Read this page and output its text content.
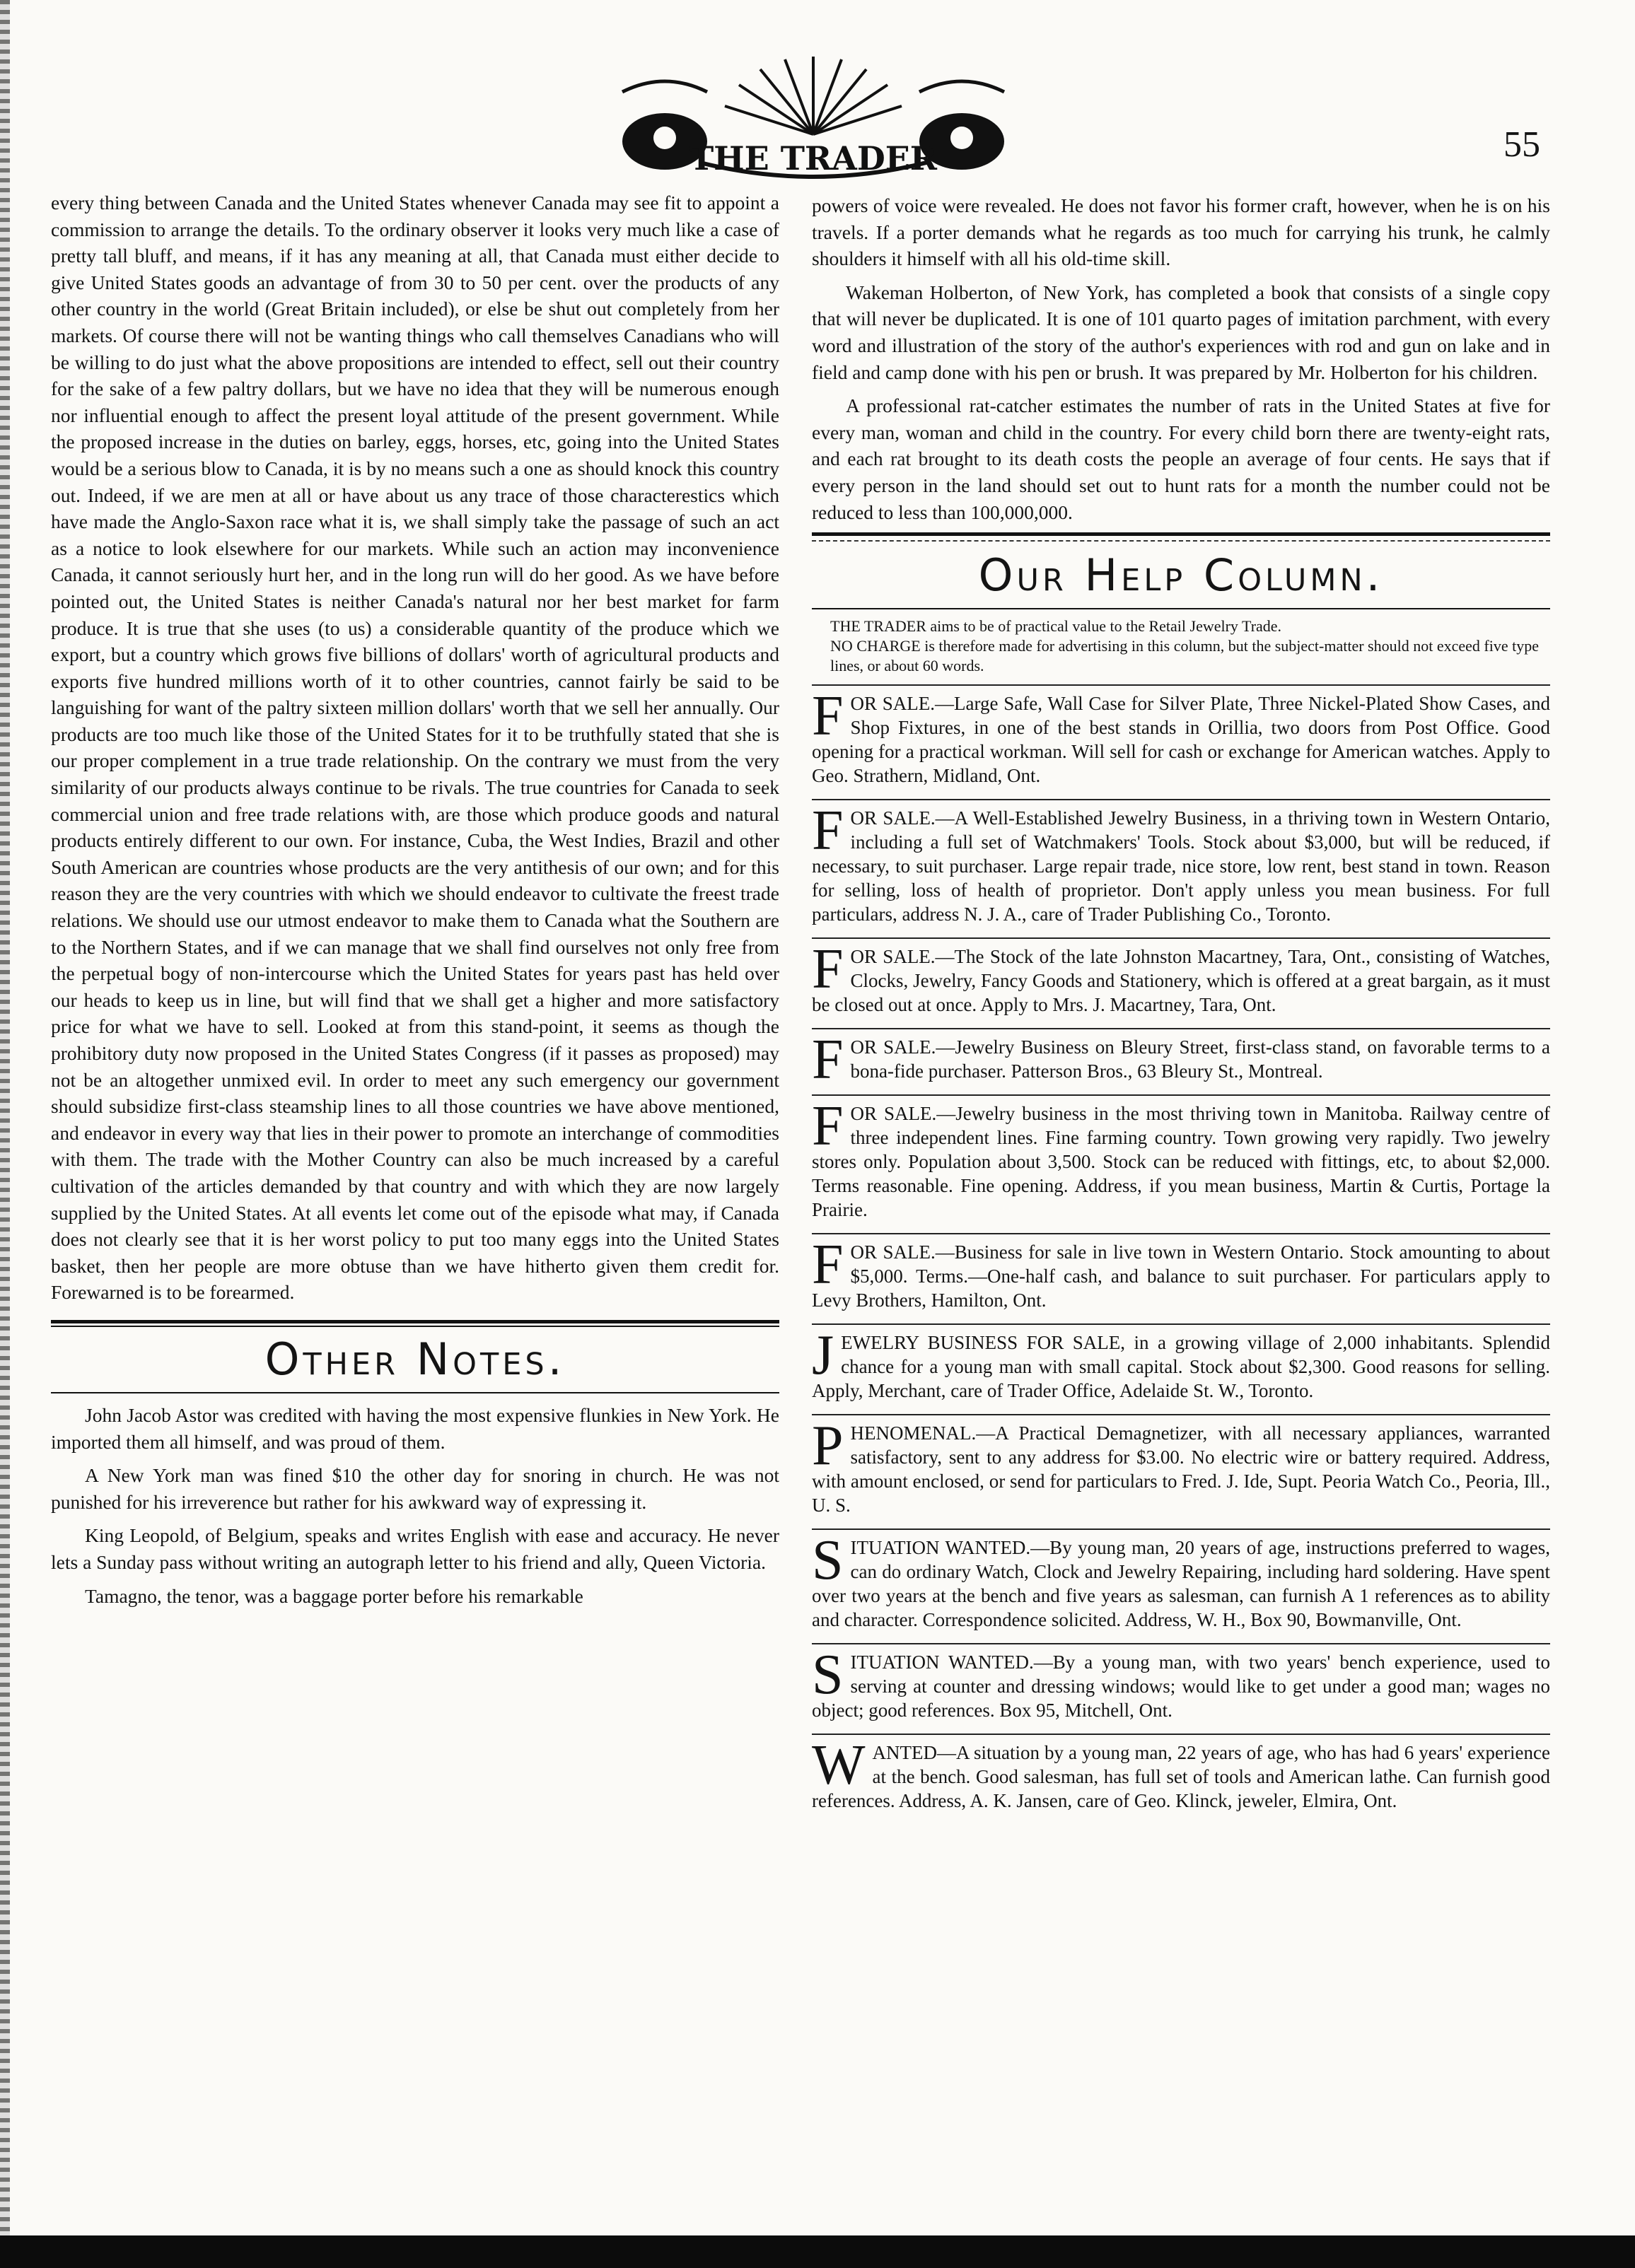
THE TRADER	55

every thing between Canada and the United States whenever Canada may see fit to appoint a commission to arrange the details. To the ordinary observer it looks very much like a case of pretty tall bluff, and means, if it has any meaning at all, that Canada must either decide to give United States goods an advantage of from 30 to 50 per cent. over the products of any other country in the world (Great Britain included), or else be shut out completely from her markets. Of course there will not be wanting things who call themselves Canadians who will be willing to do just what the above propositions are intended to effect, sell out their country for the sake of a few paltry dollars, but we have no idea that they will be numerous enough nor influential enough to affect the present loyal attitude of the present government. While the proposed increase in the duties on barley, eggs, horses, etc, going into the United States would be a serious blow to Canada, it is by no means such a one as should knock this country out. Indeed, if we are men at all or have about us any trace of those characterestics which have made the Anglo-Saxon race what it is, we shall simply take the passage of such an act as a notice to look elsewhere for our markets. While such an action may inconvenience Canada, it cannot seriously hurt her, and in the long run will do her good. As we have before pointed out, the United States is neither Canada's natural nor her best market for farm produce. It is true that she uses (to us) a considerable quantity of the produce which we export, but a country which grows five billions of dollars' worth of agricultural products and exports five hundred millions worth of it to other countries, cannot fairly be said to be languishing for want of the paltry sixteen million dollars' worth that we sell her annually. Our products are too much like those of the United States for it to be truthfully stated that she is our proper complement in a true trade relationship. On the contrary we must from the very similarity of our products always continue to be rivals. The true countries for Canada to seek commercial union and free trade relations with, are those which produce goods and natural products entirely different to our own. For instance, Cuba, the West Indies, Brazil and other South American are countries whose products are the very antithesis of our own; and for this reason they are the very countries with which we should endeavor to cultivate the freest trade relations. We should use our utmost endeavor to make them to Canada what the Southern are to the Northern States, and if we can manage that we shall find ourselves not only free from the perpetual bogy of non-intercourse which the United States for years past has held over our heads to keep us in line, but will find that we shall get a higher and more satisfactory price for what we have to sell. Looked at from this stand-point, it seems as though the prohibitory duty now proposed in the United States Congress (if it passes as proposed) may not be an altogether unmixed evil. In order to meet any such emergency our government should subsidize first-class steamship lines to all those countries we have above mentioned, and endeavor in every way that lies in their power to promote an interchange of commodities with them. The trade with the Mother Country can also be much increased by a careful cultivation of the articles demanded by that country and with which they are now largely supplied by the United States. At all events let come out of the episode what may, if Canada does not clearly see that it is her worst policy to put too many eggs into the United States basket, then her people are more obtuse than we have hitherto given them credit for. Forewarned is to be forearmed.

Other Notes.

John Jacob Astor was credited with having the most expensive flunkies in New York. He imported them all himself, and was proud of them.

A New York man was fined $10 the other day for snoring in church. He was not punished for his irreverence but rather for his awkward way of expressing it.

King Leopold, of Belgium, speaks and writes English with ease and accuracy. He never lets a Sunday pass without writing an autograph letter to his friend and ally, Queen Victoria.

Tamagno, the tenor, was a baggage porter before his remarkable

powers of voice were revealed. He does not favor his former craft, however, when he is on his travels. If a porter demands what he regards as too much for carrying his trunk, he calmly shoulders it himself with all his old-time skill.

Wakeman Holberton, of New York, has completed a book that consists of a single copy that will never be duplicated. It is one of 101 quarto pages of imitation parchment, with every word and illustration of the story of the author's experiences with rod and gun on lake and in field and camp done with his pen or brush. It was prepared by Mr. Holberton for his children.

A professional rat-catcher estimates the number of rats in the United States at five for every man, woman and child in the country. For every child born there are twenty-eight rats, and each rat brought to its death costs the people an average of four cents. He says that if every person in the land should set out to hunt rats for a month the number could not be reduced to less than 100,000,000.

Our Help Column.

THE TRADER aims to be of practical value to the Retail Jewelry Trade.

NO CHARGE is therefore made for advertising in this column, but the subject-matter should not exceed five type lines, or about 60 words.

F OR SALE.—Large Safe, Wall Case for Silver Plate, Three Nickel-Plated Show Cases, and Shop Fixtures, in one of the best stands in Orillia, two doors from Post Office. Good opening for a practical workman. Will sell for cash or exchange for American watches. Apply to Geo. Strathern, Midland, Ont.

F OR SALE.—A Well-Established Jewelry Business, in a thriving town in Western Ontario, including a full set of Watchmakers' Tools. Stock about $3,000, but will be reduced, if necessary, to suit purchaser. Large repair trade, nice store, low rent, best stand in town. Reason for selling, loss of health of proprietor. Don't apply unless you mean business. For full particulars, address N. J. A., care of Trader Publishing Co., Toronto.

F OR SALE.—The Stock of the late Johnston Macartney, Tara, Ont., consisting of Watches, Clocks, Jewelry, Fancy Goods and Stationery, which is offered at a great bargain, as it must be closed out at once. Apply to Mrs. J. Macartney, Tara, Ont.

F OR SALE.—Jewelry Business on Bleury Street, first-class stand, on favorable terms to a bona-fide purchaser. Patterson Bros., 63 Bleury St., Montreal.

F OR SALE.—Jewelry business in the most thriving town in Manitoba. Railway centre of three independent lines. Fine farming country. Town growing very rapidly. Two jewelry stores only. Population about 3,500. Stock can be reduced with fittings, etc, to about $2,000. Terms reasonable. Fine opening. Address, if you mean business, Martin & Curtis, Portage la Prairie.

F OR SALE.—Business for sale in live town in Western Ontario. Stock amounting to about $5,000. Terms.—One-half cash, and balance to suit purchaser. For particulars apply to Levy Brothers, Hamilton, Ont.

J EWELRY BUSINESS FOR SALE, in a growing village of 2,000 inhabitants. Splendid chance for a young man with small capital. Stock about $2,300. Good reasons for selling. Apply, Merchant, care of Trader Office, Adelaide St. W., Toronto.

P HENOMENAL.—A Practical Demagnetizer, with all necessary appliances, warranted satisfactory, sent to any address for $3.00. No electric wire or battery required. Address, with amount enclosed, or send for particulars to Fred. J. Ide, Supt. Peoria Watch Co., Peoria, Ill., U. S.

S ITUATION WANTED.—By young man, 20 years of age, instructions preferred to wages, can do ordinary Watch, Clock and Jewelry Repairing, including hard soldering. Have spent over two years at the bench and five years as salesman, can furnish A 1 references as to ability and character. Correspondence solicited. Address, W. H., Box 90, Bowmanville, Ont.

S ITUATION WANTED.—By a young man, with two years' bench experience, used to serving at counter and dressing windows; would like to get under a good man; wages no object; good references. Box 95, Mitchell, Ont.

W ANTED—A situation by a young man, 22 years of age, who has had 6 years' experience at the bench. Good salesman, has full set of tools and American lathe. Can furnish good references. Address, A. K. Jansen, care of Geo. Klinck, jeweler, Elmira, Ont.
